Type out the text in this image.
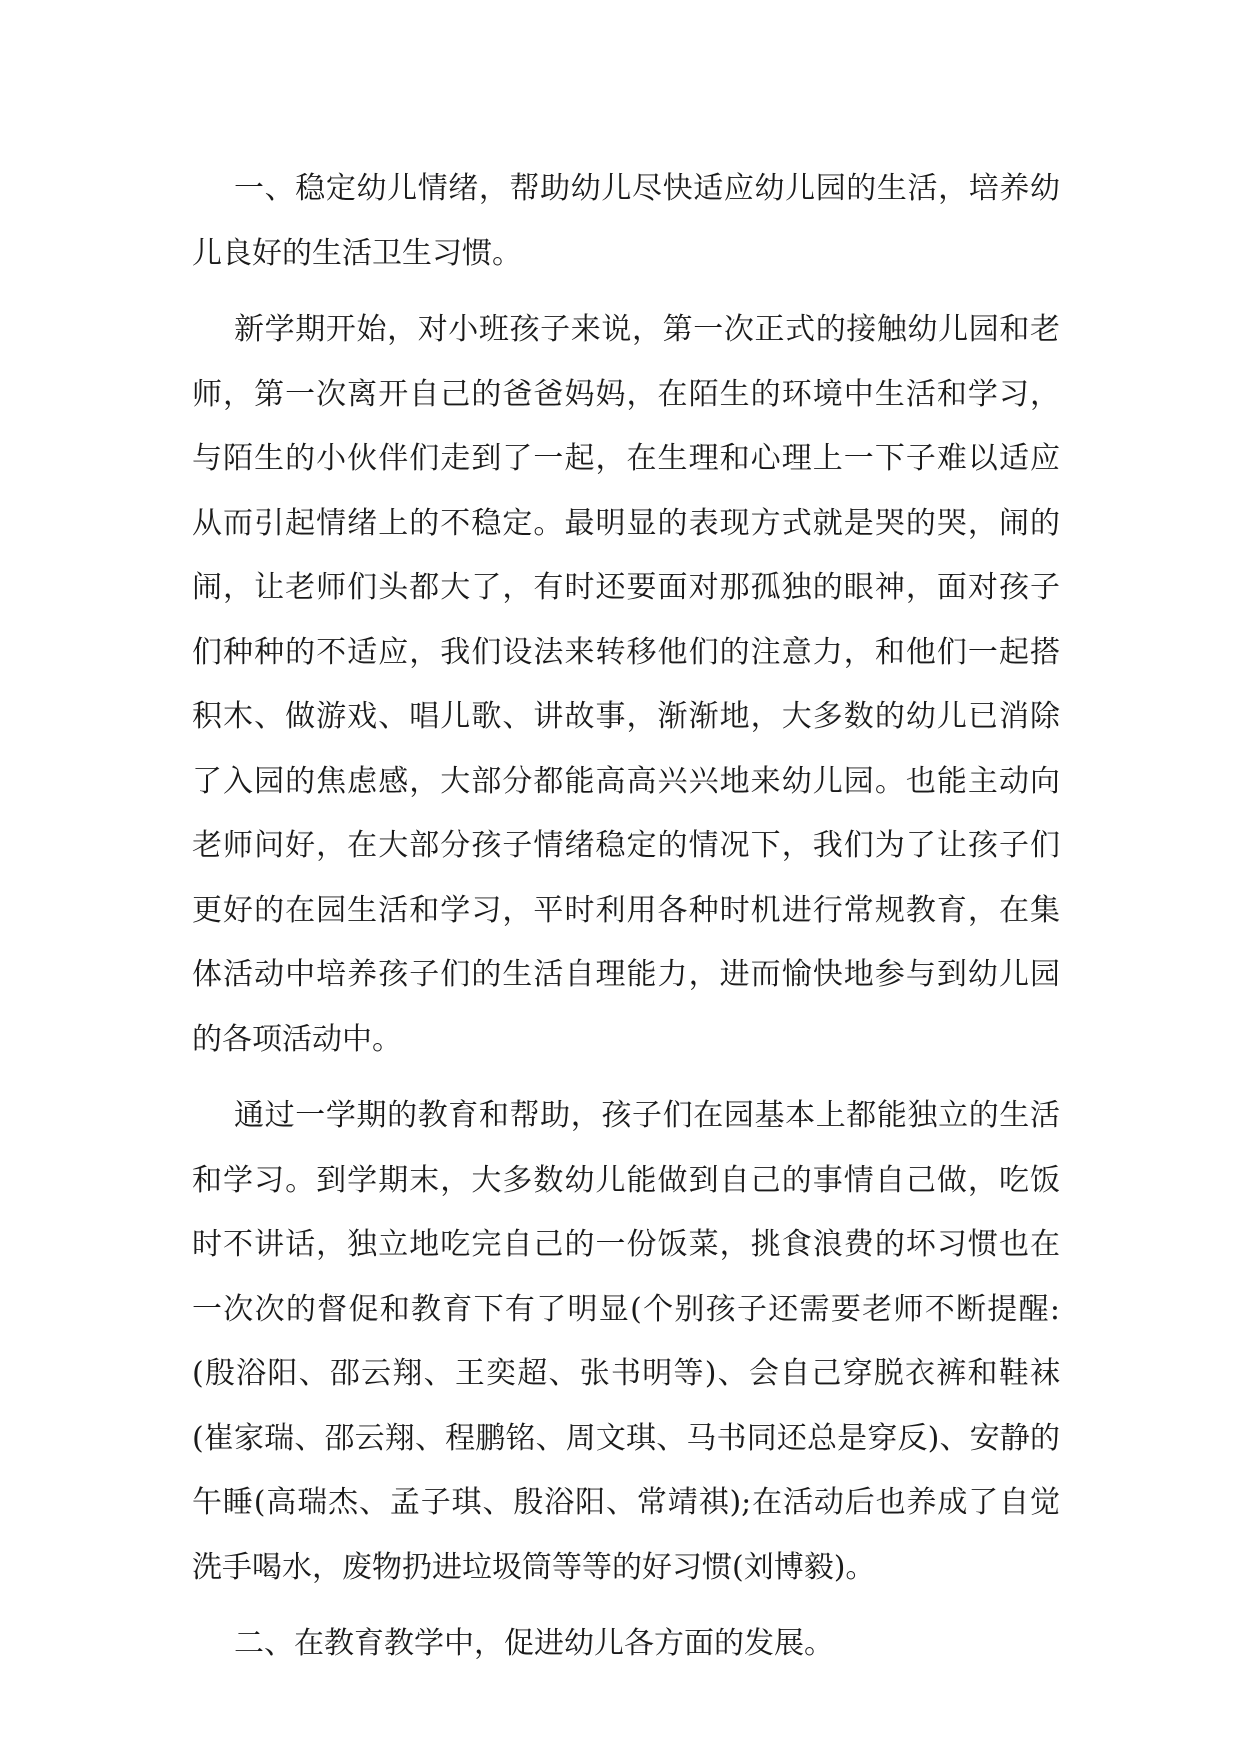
一、稳定幼儿情绪，帮助幼儿尽快适应幼儿园的生活，培养幼儿良好的生活卫生习惯。

新学期开始，对小班孩子来说，第一次正式的接触幼儿园和老师，第一次离开自己的爸爸妈妈，在陌生的环境中生活和学习，与陌生的小伙伴们走到了一起，在生理和心理上一下子难以适应从而引起情绪上的不稳定。最明显的表现方式就是哭的哭，闹的闹，让老师们头都大了，有时还要面对那孤独的眼神，面对孩子们种种的不适应，我们设法来转移他们的注意力，和他们一起搭积木、做游戏、唱儿歌、讲故事，渐渐地，大多数的幼儿已消除了入园的焦虑感，大部分都能高高兴兴地来幼儿园。也能主动向老师问好，在大部分孩子情绪稳定的情况下，我们为了让孩子们更好的在园生活和学习，平时利用各种时机进行常规教育，在集体活动中培养孩子们的生活自理能力，进而愉快地参与到幼儿园的各项活动中。

通过一学期的教育和帮助，孩子们在园基本上都能独立的生活和学习。到学期末，大多数幼儿能做到自己的事情自己做，吃饭时不讲话，独立地吃完自己的一份饭菜，挑食浪费的坏习惯也在一次次的督促和教育下有了明显(个别孩子还需要老师不断提醒:(殷浴阳、邵云翔、王奕超、张书明等)、会自己穿脱衣裤和鞋袜(崔家瑞、邵云翔、程鹏铭、周文琪、马书同还总是穿反)、安静的午睡(高瑞杰、孟子琪、殷浴阳、常靖祺);在活动后也养成了自觉洗手喝水，废物扔进垃圾筒等等的好习惯(刘博毅)。

二、在教育教学中，促进幼儿各方面的发展。
